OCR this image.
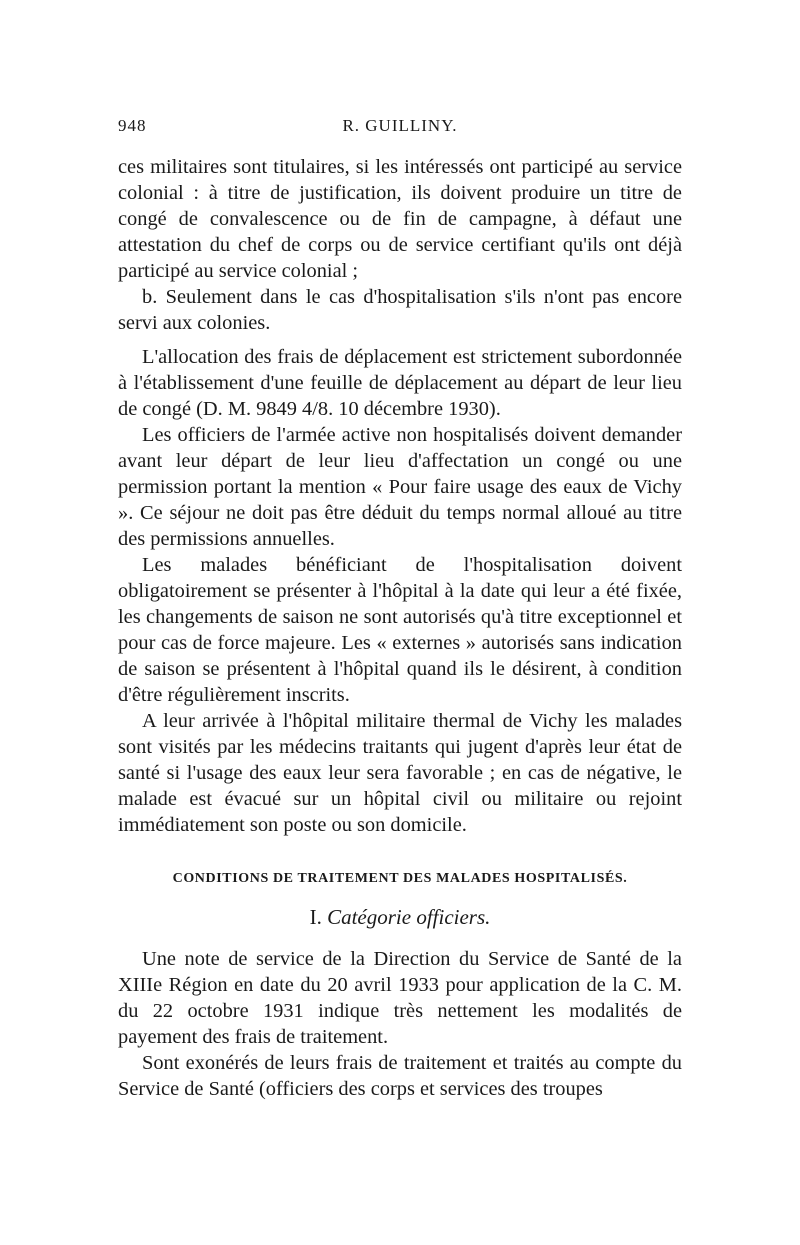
948	R. GUILLINY.

ces militaires sont titulaires, si les intéressés ont participé au service colonial : à titre de justification, ils doivent produire un titre de congé de convalescence ou de fin de campagne, à défaut une attestation du chef de corps ou de service certifiant qu'ils ont déjà participé au service colonial ;

b. Seulement dans le cas d'hospitalisation s'ils n'ont pas encore servi aux colonies.

L'allocation des frais de déplacement est strictement subordonnée à l'établissement d'une feuille de déplacement au départ de leur lieu de congé (D. M. 9849 4/8. 10 décembre 1930).

Les officiers de l'armée active non hospitalisés doivent demander avant leur départ de leur lieu d'affectation un congé ou une permission portant la mention « Pour faire usage des eaux de Vichy ». Ce séjour ne doit pas être déduit du temps normal alloué au titre des permissions annuelles.

Les malades bénéficiant de l'hospitalisation doivent obligatoirement se présenter à l'hôpital à la date qui leur a été fixée, les changements de saison ne sont autorisés qu'à titre exceptionnel et pour cas de force majeure. Les « externes » autorisés sans indication de saison se présentent à l'hôpital quand ils le désirent, à condition d'être régulièrement inscrits.

A leur arrivée à l'hôpital militaire thermal de Vichy les malades sont visités par les médecins traitants qui jugent d'après leur état de santé si l'usage des eaux leur sera favorable ; en cas de négative, le malade est évacué sur un hôpital civil ou militaire ou rejoint immédiatement son poste ou son domicile.

CONDITIONS DE TRAITEMENT DES MALADES HOSPITALISÉS.
I. Catégorie officiers.

Une note de service de la Direction du Service de Santé de la XIIIe Région en date du 20 avril 1933 pour application de la C. M. du 22 octobre 1931 indique très nettement les modalités de payement des frais de traitement.

Sont exonérés de leurs frais de traitement et traités au compte du Service de Santé (officiers des corps et services des troupes
